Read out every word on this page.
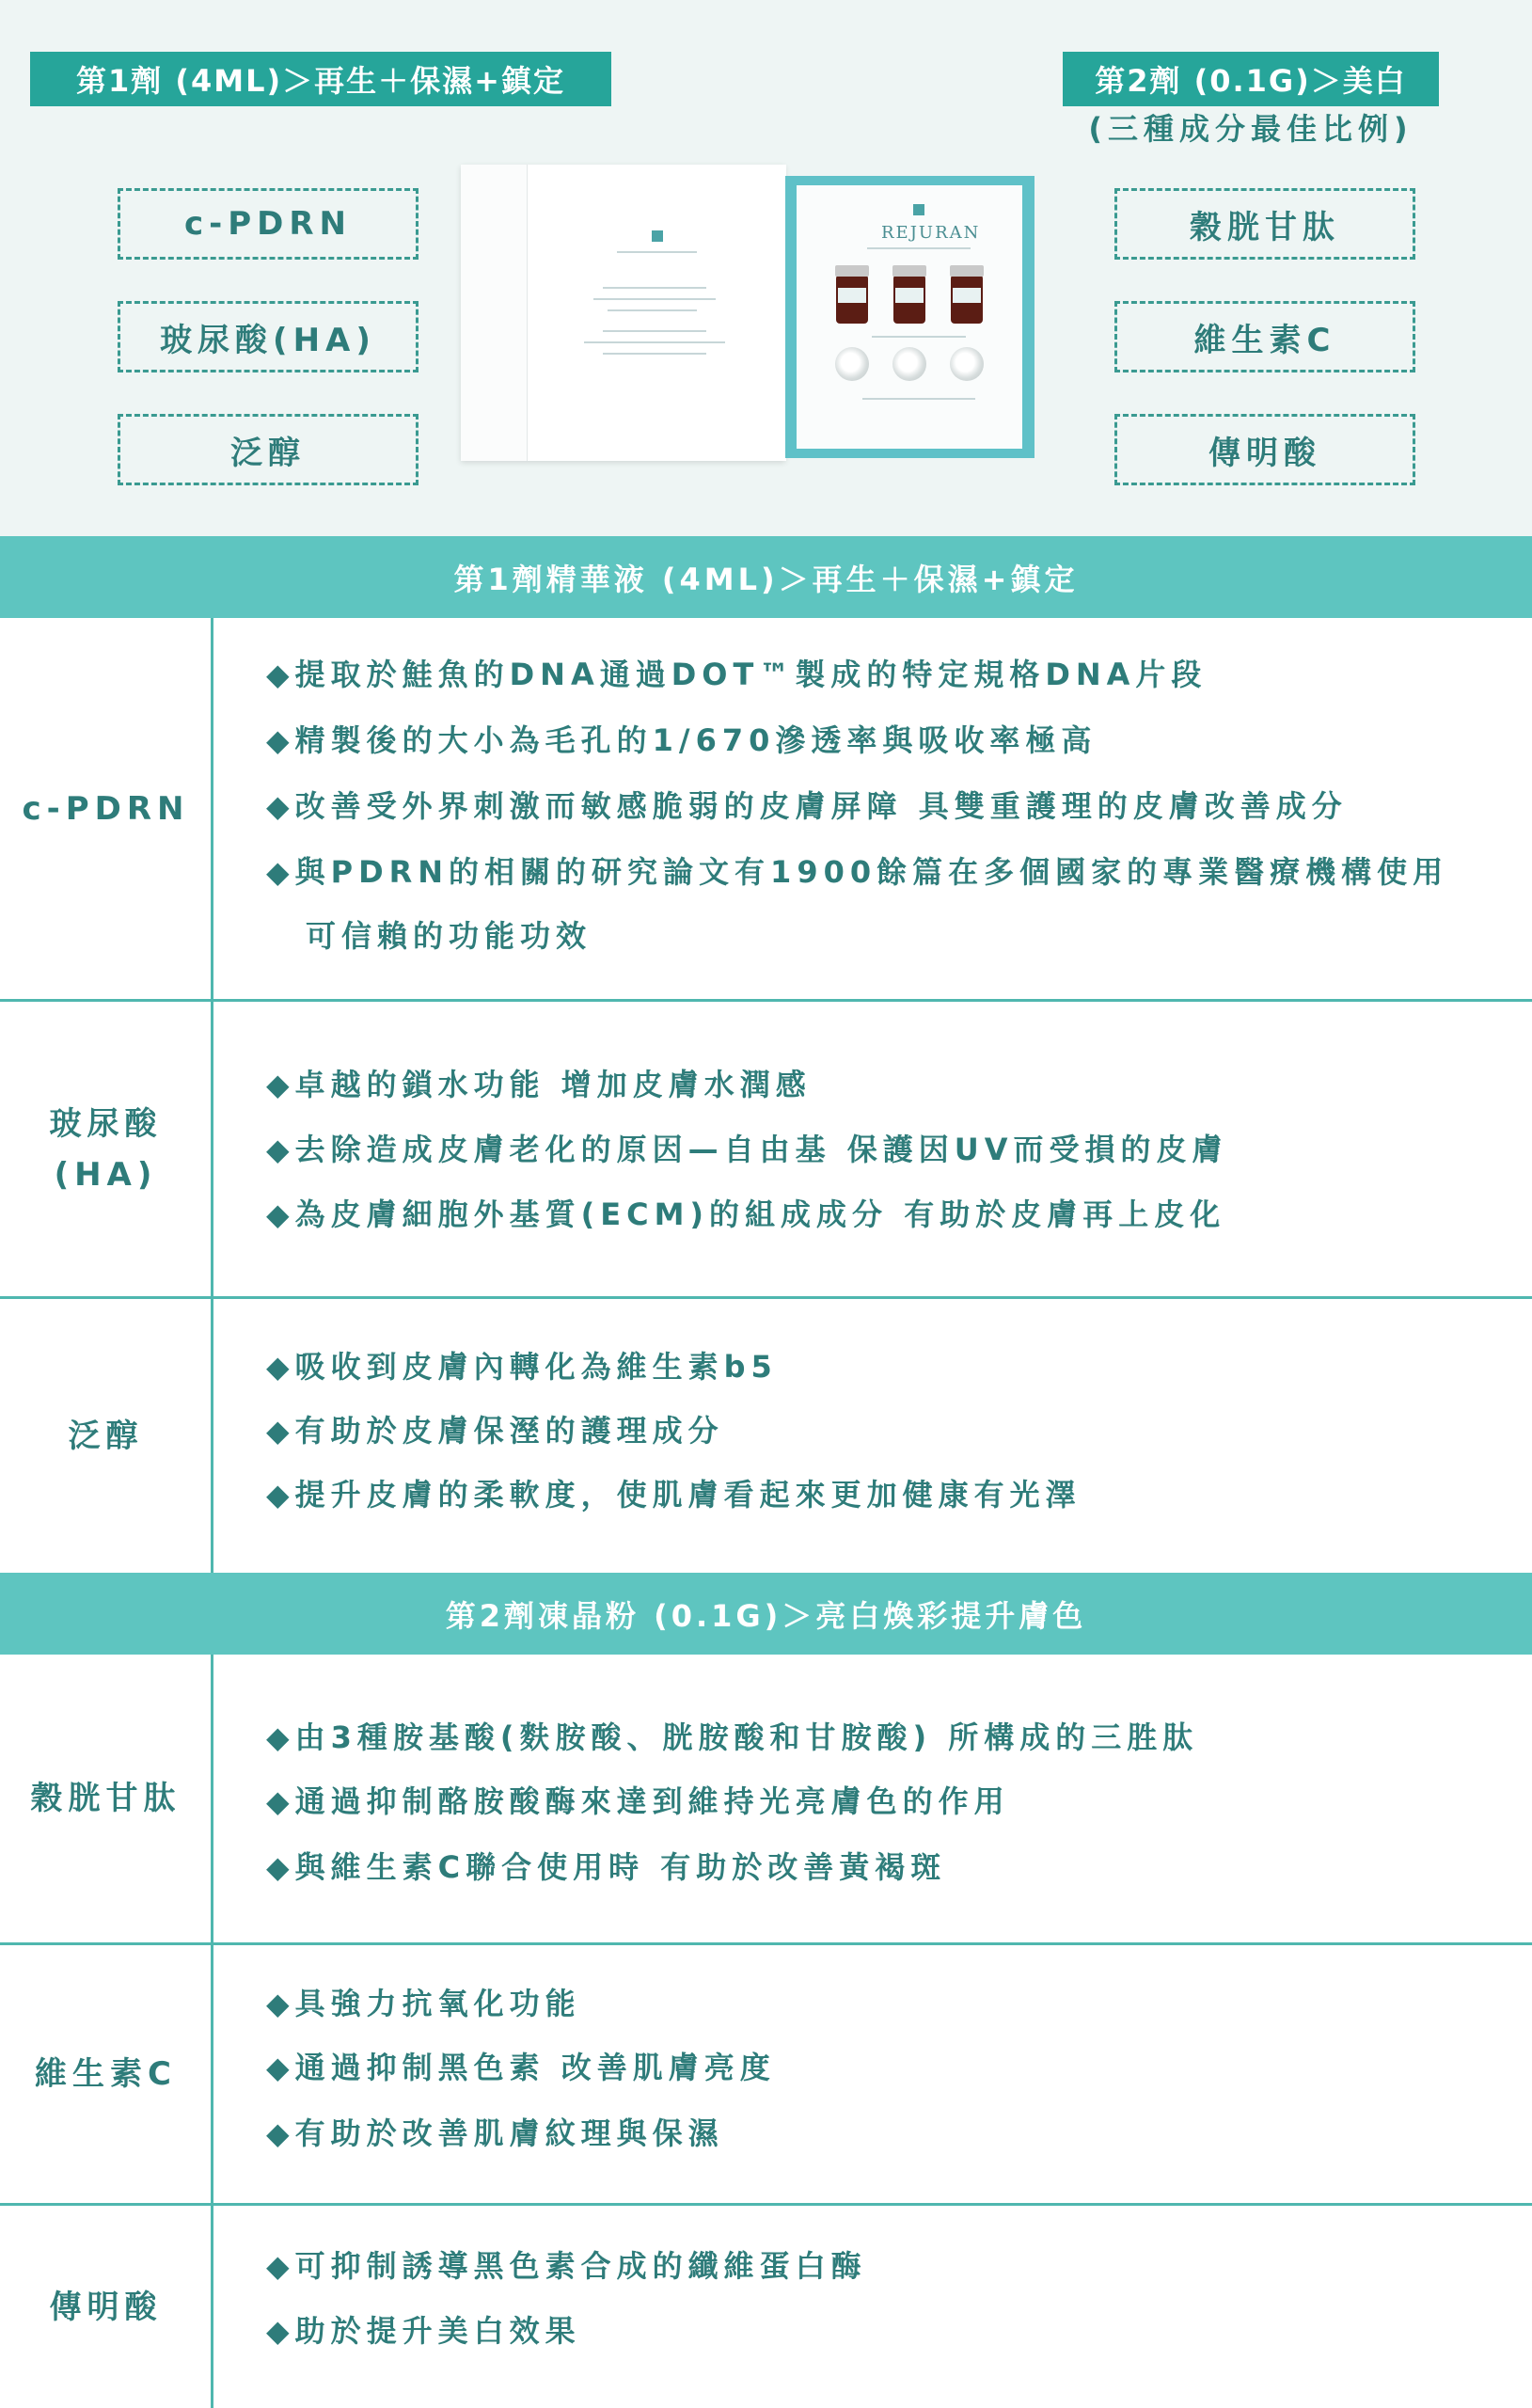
第1劑 (4ML)＞再生＋保濕+鎮定	第2劑 (0.1G)＞美白
(三種成分最佳比例)
c-PDRN
玻尿酸(HA)
泛醇
穀胱甘肽
維生素C
傳明酸
REJURAN
第1劑精華液 (4ML)＞再生＋保濕+鎮定
c-PDRN
◆提取於鮭魚的DNA通過DOT™製成的特定規格DNA片段
◆精製後的大小為毛孔的1/670滲透率與吸收率極高
◆改善受外界刺激而敏感脆弱的皮膚屏障 具雙重護理的皮膚改善成分
◆與PDRN的相關的研究論文有1900餘篇在多個國家的專業醫療機構使用
可信賴的功能功效
玻尿酸
(HA)
◆卓越的鎖水功能 增加皮膚水潤感
◆去除造成皮膚老化的原因—自由基 保護因UV而受損的皮膚
◆為皮膚細胞外基質(ECM)的組成成分 有助於皮膚再上皮化
泛醇
◆吸收到皮膚內轉化為維生素b5
◆有助於皮膚保溼的護理成分
◆提升皮膚的柔軟度，使肌膚看起來更加健康有光澤
第2劑凍晶粉 (0.1G)＞亮白煥彩提升膚色
穀胱甘肽
◆由3種胺基酸(麩胺酸、胱胺酸和甘胺酸) 所構成的三胜肽
◆通過抑制酪胺酸酶來達到維持光亮膚色的作用
◆與維生素C聯合使用時 有助於改善黃褐斑
維生素C
◆具強力抗氧化功能
◆通過抑制黑色素 改善肌膚亮度
◆有助於改善肌膚紋理與保濕
傳明酸
◆可抑制誘導黑色素合成的纖維蛋白酶
◆助於提升美白效果
